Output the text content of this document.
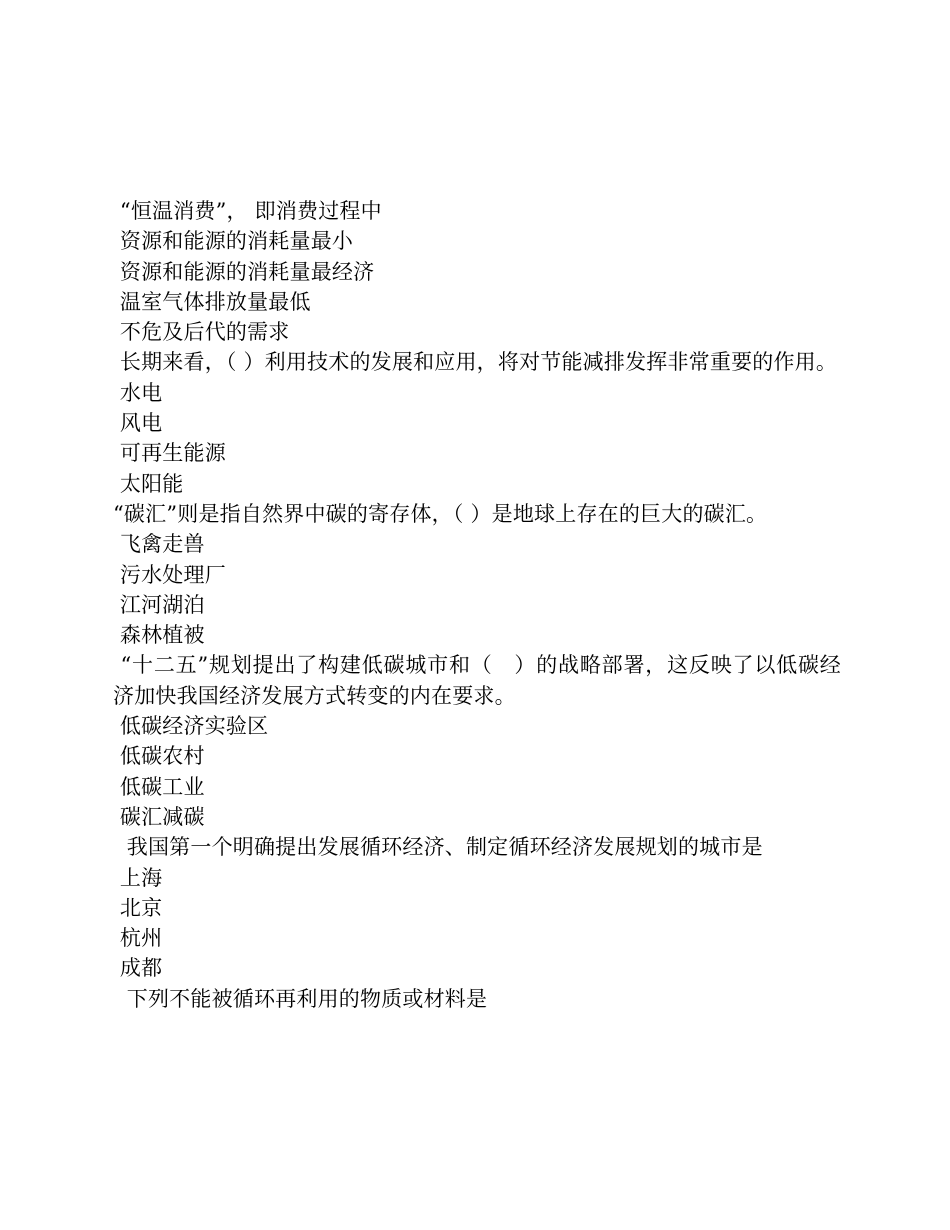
“恒温消费”， 即消费过程中

资源和能源的消耗量最小

资源和能源的消耗量最经济

温室气体排放量最低

不危及后代的需求

长期来看，（ ）利用技术的发展和应用，将对节能减排发挥非常重要的作用。

水电

风电

可再生能源

太阳能

“碳汇”则是指自然界中碳的寄存体，（ ）是地球上存在的巨大的碳汇。

飞禽走兽

污水处理厂

江河湖泊

森林植被

“十二五”规划提出了构建低碳城市和（　）的战略部署，这反映了以低碳经济加快我国经济发展方式转变的内在要求。

低碳经济实验区

低碳农村

低碳工业

碳汇减碳

我国第一个明确提出发展循环经济、制定循环经济发展规划的城市是

上海

北京

杭州

成都

下列不能被循环再利用的物质或材料是
